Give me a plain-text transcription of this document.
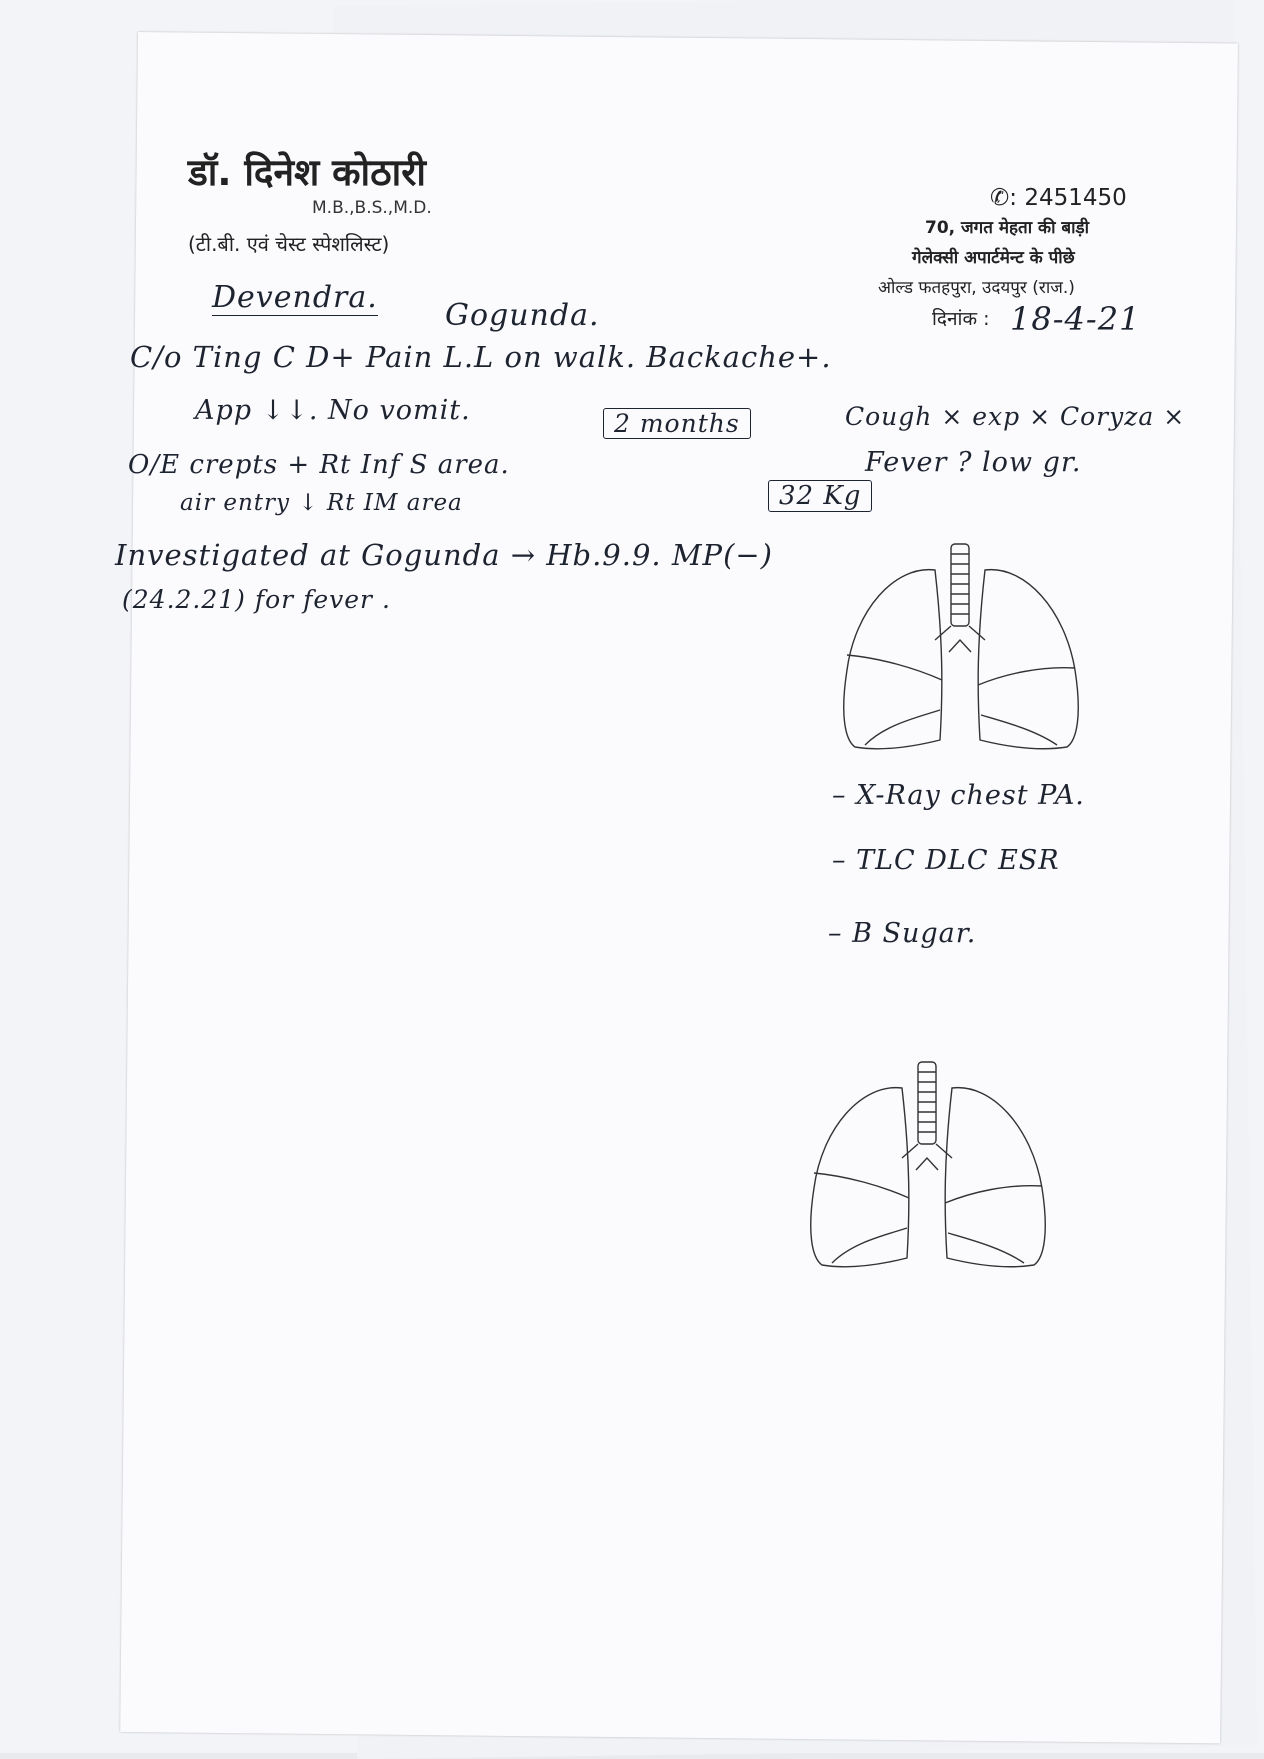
डॉ. दिनेश कोठारी
M.B.,B.S.,M.D.
(टी.बी. एवं चेस्ट स्पेशलिस्ट)
✆: 2451450
70, जगत मेहता की बाड़ी
गेलेक्सी अपार्टमेन्ट के पीछे
ओल्ड फतहपुरा, उदयपुर (राज.)
दिनांक : 18-4-21
Devendra.
Gogunda.
C/o Ting C D+ Pain L.L on walk. Backache+.
App ↓↓. No vomit.	2 months	Cough × exp × Coryza ×
Fever ? low gr.
O/E crepts + Rt Inf S area.
air entry ↓ Rt IM area	32 Kg
Investigated at Gogunda → Hb.9.9. MP(−)
(24.2.21) for fever .
– X-Ray chest PA.
– TLC DLC ESR
– B Sugar.
